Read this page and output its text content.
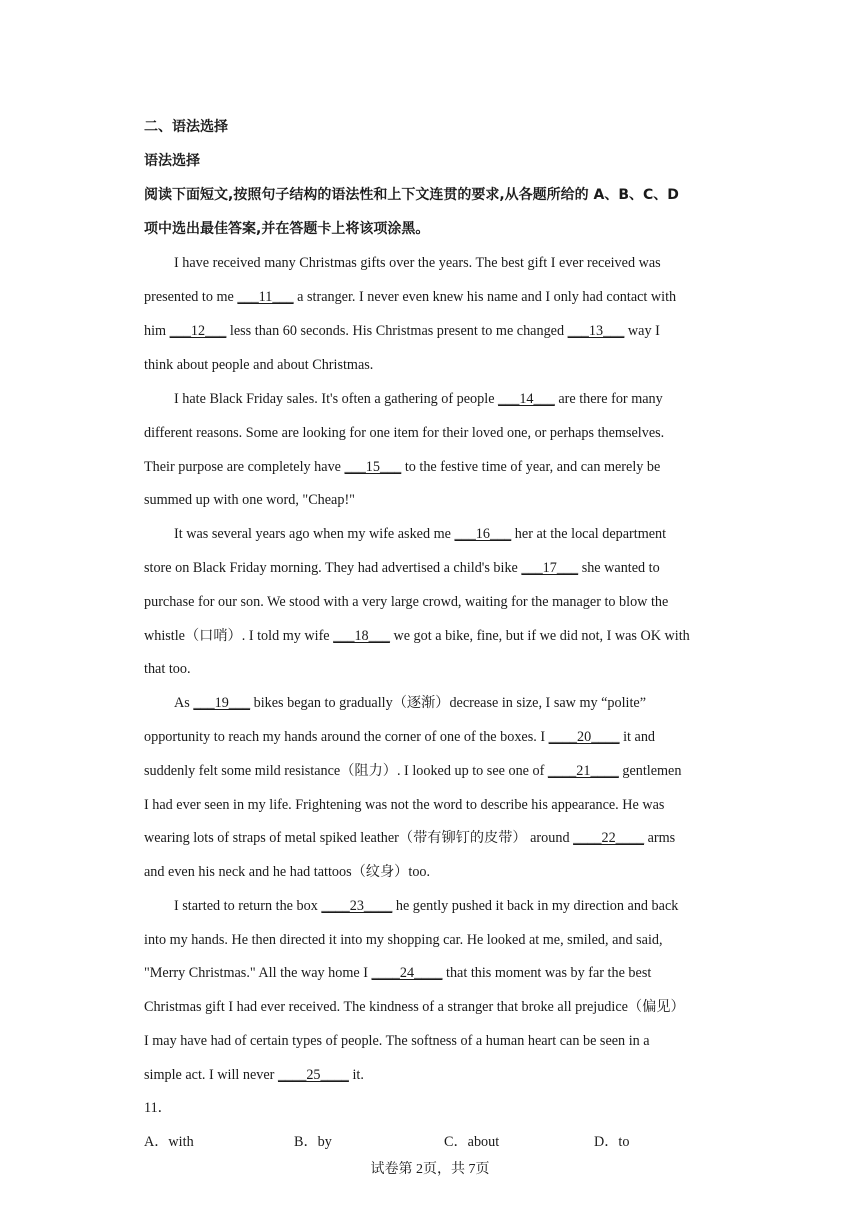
二、语法选择
语法选择
阅读下面短文,按照句子结构的语法性和上下文连贯的要求,从各题所给的 A、B、C、D
项中选出最佳答案,并在答题卡上将该项涂黑。
I have received many Christmas gifts over the years. The best gift I ever received was
presented to me ___11___ a stranger. I never even knew his name and I only had contact with
him ___12___ less than 60 seconds. His Christmas present to me changed ___13___ way I
think about people and about Christmas.
I hate Black Friday sales. It's often a gathering of people ___14___ are there for many
different reasons. Some are looking for one item for their loved one, or perhaps themselves.
Their purpose are completely have ___15___ to the festive time of year, and can merely be
summed up with one word, "Cheap!"
It was several years ago when my wife asked me ___16___ her at the local department
store on Black Friday morning. They had advertised a child's bike ___17___ she wanted to
purchase for our son. We stood with a very large crowd, waiting for the manager to blow the
whistle（口哨）. I told my wife ___18___ we got a bike, fine, but if we did not, I was OK with
that too.
As ___19___ bikes began to gradually（逐渐）decrease in size, I saw my “polite”
opportunity to reach my hands around the corner of one of the boxes. I ____20____ it and
suddenly felt some mild resistance（阻力）. I looked up to see one of ____21____ gentlemen
I had ever seen in my life. Frightening was not the word to describe his appearance. He was
wearing lots of straps of metal spiked leather（带有铆钉的皮带） around ____22____ arms
and even his neck and he had tattoos（纹身）too.
I started to return the box ____23____ he gently pushed it back in my direction and back
into my hands. He then directed it into my shopping car. He looked at me, smiled, and said,
"Merry Christmas." All the way home I ____24____ that this moment was by far the best
Christmas gift I had ever received. The kindness of a stranger that broke all prejudice（偏见）
I may have had of certain types of people. The softness of a human heart can be seen in a
simple act. I will never ____25____ it.
11．
A．with	B．by	C．about	D．to
试卷第 2页，共 7页
